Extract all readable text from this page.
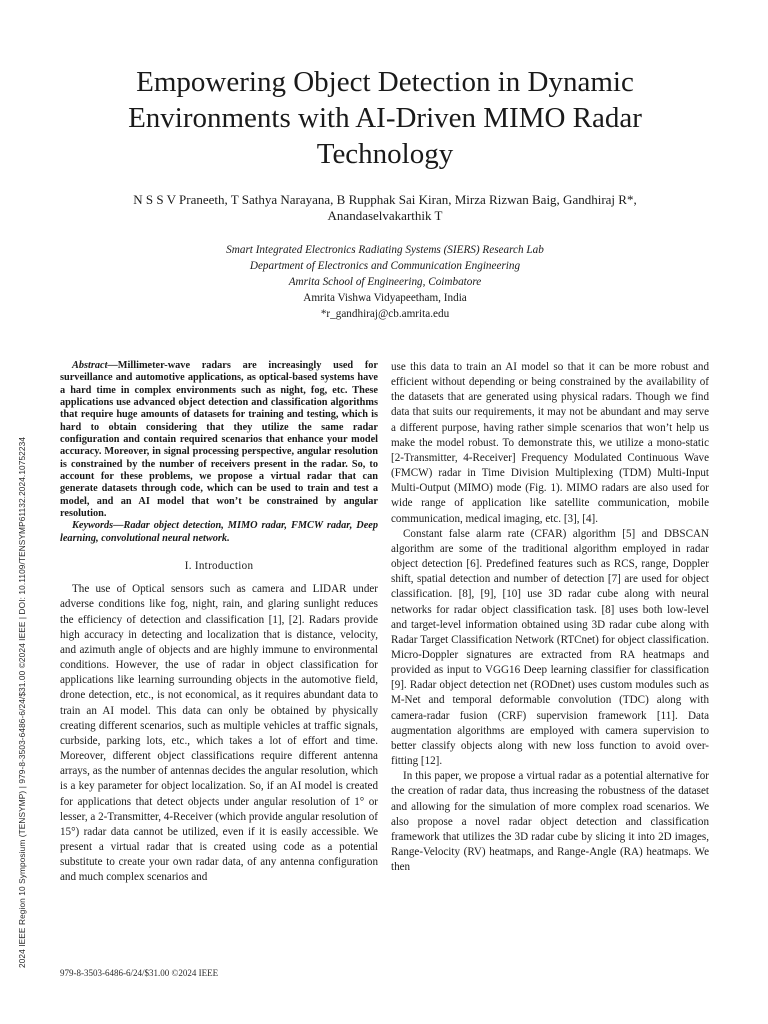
2024 IEEE Region 10 Symposium (TENSYMP) | 979-8-3503-6486-6/24/$31.00 ©2024 IEEE | DOI: 10.1109/TENSYMP61132.2024.10752234
Empowering Object Detection in Dynamic Environments with AI-Driven MIMO Radar Technology
N S S V Praneeth, T Sathya Narayana, B Rupphak Sai Kiran, Mirza Rizwan Baig, Gandhiraj R*,
Anandaselvakarthik T
Smart Integrated Electronics Radiating Systems (SIERS) Research Lab
Department of Electronics and Communication Engineering
Amrita School of Engineering, Coimbatore
Amrita Vishwa Vidyapeetham, India
*r_gandhiraj@cb.amrita.edu

Abstract—Millimeter-wave radars are increasingly used for surveillance and automotive applications, as optical-based systems have a hard time in complex environments such as night, fog, etc. These applications use advanced object detection and classification algorithms that require huge amounts of datasets for training and testing, which is hard to obtain considering that they utilize the same radar configuration and contain required scenarios that enhance your model accuracy. Moreover, in signal processing perspective, angular resolution is constrained by the number of receivers present in the radar. So, to account for these problems, we propose a virtual radar that can generate datasets through code, which can be used to train and test a model, and an AI model that won’t be constrained by angular resolution.

Keywords—Radar object detection, MIMO radar, FMCW radar, Deep learning, convolutional neural network.

I. Introduction

The use of Optical sensors such as camera and LIDAR under adverse conditions like fog, night, rain, and glaring sunlight reduces the efficiency of detection and classification [1], [2]. Radars provide high accuracy in detecting and localization that is distance, velocity, and azimuth angle of objects and are highly immune to environmental conditions. However, the use of radar in object classification for applications like learning surrounding objects in the automotive field, drone detection, etc., is not economical, as it requires abundant data to train an AI model. This data can only be obtained by physically creating different scenarios, such as multiple vehicles at traffic signals, curbside, parking lots, etc., which takes a lot of effort and time. Moreover, different object classifications require different antenna arrays, as the number of antennas decides the angular resolution, which is a key parameter for object localization. So, if an AI model is created for applications that detect objects under angular resolution of 1° or lesser, a 2-Transmitter, 4-Receiver (which provide angular resolution of 15°) radar data cannot be utilized, even if it is easily accessible. We present a virtual radar that is created using code as a potential substitute to create your own radar data, of any antenna configuration and much complex scenarios and

use this data to train an AI model so that it can be more robust and efficient without depending or being constrained by the availability of the datasets that are generated using physical radars. Though we find data that suits our requirements, it may not be abundant and may serve a different purpose, having rather simple scenarios that won’t help us make the model robust. To demonstrate this, we utilize a mono-static [2-Transmitter, 4-Receiver] Frequency Modulated Continuous Wave (FMCW) radar in Time Division Multiplexing (TDM) Multi-Input Multi-Output (MIMO) mode (Fig. 1). MIMO radars are also used for wide range of application like satellite communication, mobile communication, medical imaging, etc. [3], [4].

Constant false alarm rate (CFAR) algorithm [5] and DBSCAN algorithm are some of the traditional algorithm employed in radar object detection [6]. Predefined features such as RCS, range, Doppler shift, spatial detection and number of detection [7] are used for object classification. [8], [9], [10] use 3D radar cube along with neural networks for radar object classification task. [8] uses both low-level and target-level information obtained using 3D radar cube along with Radar Target Classification Network (RTCnet) for object classification. Micro-Doppler signatures are extracted from RA heatmaps and provided as input to VGG16 Deep learning classifier for classification [9]. Radar object detection net (RODnet) uses custom modules such as M-Net and temporal deformable convolution (TDC) along with camera-radar fusion (CRF) supervision framework [11]. Data augmentation algorithms are employed with camera supervision to better classify objects along with new loss function to avoid over-fitting [12].

In this paper, we propose a virtual radar as a potential alternative for the creation of radar data, thus increasing the robustness of the dataset and allowing for the simulation of more complex road scenarios. We also propose a novel radar object detection and classification framework that utilizes the 3D radar cube by slicing it into 2D images, Range-Velocity (RV) heatmaps, and Range-Angle (RA) heatmaps. We then

979-8-3503-6486-6/24/$31.00 ©2024 IEEE
